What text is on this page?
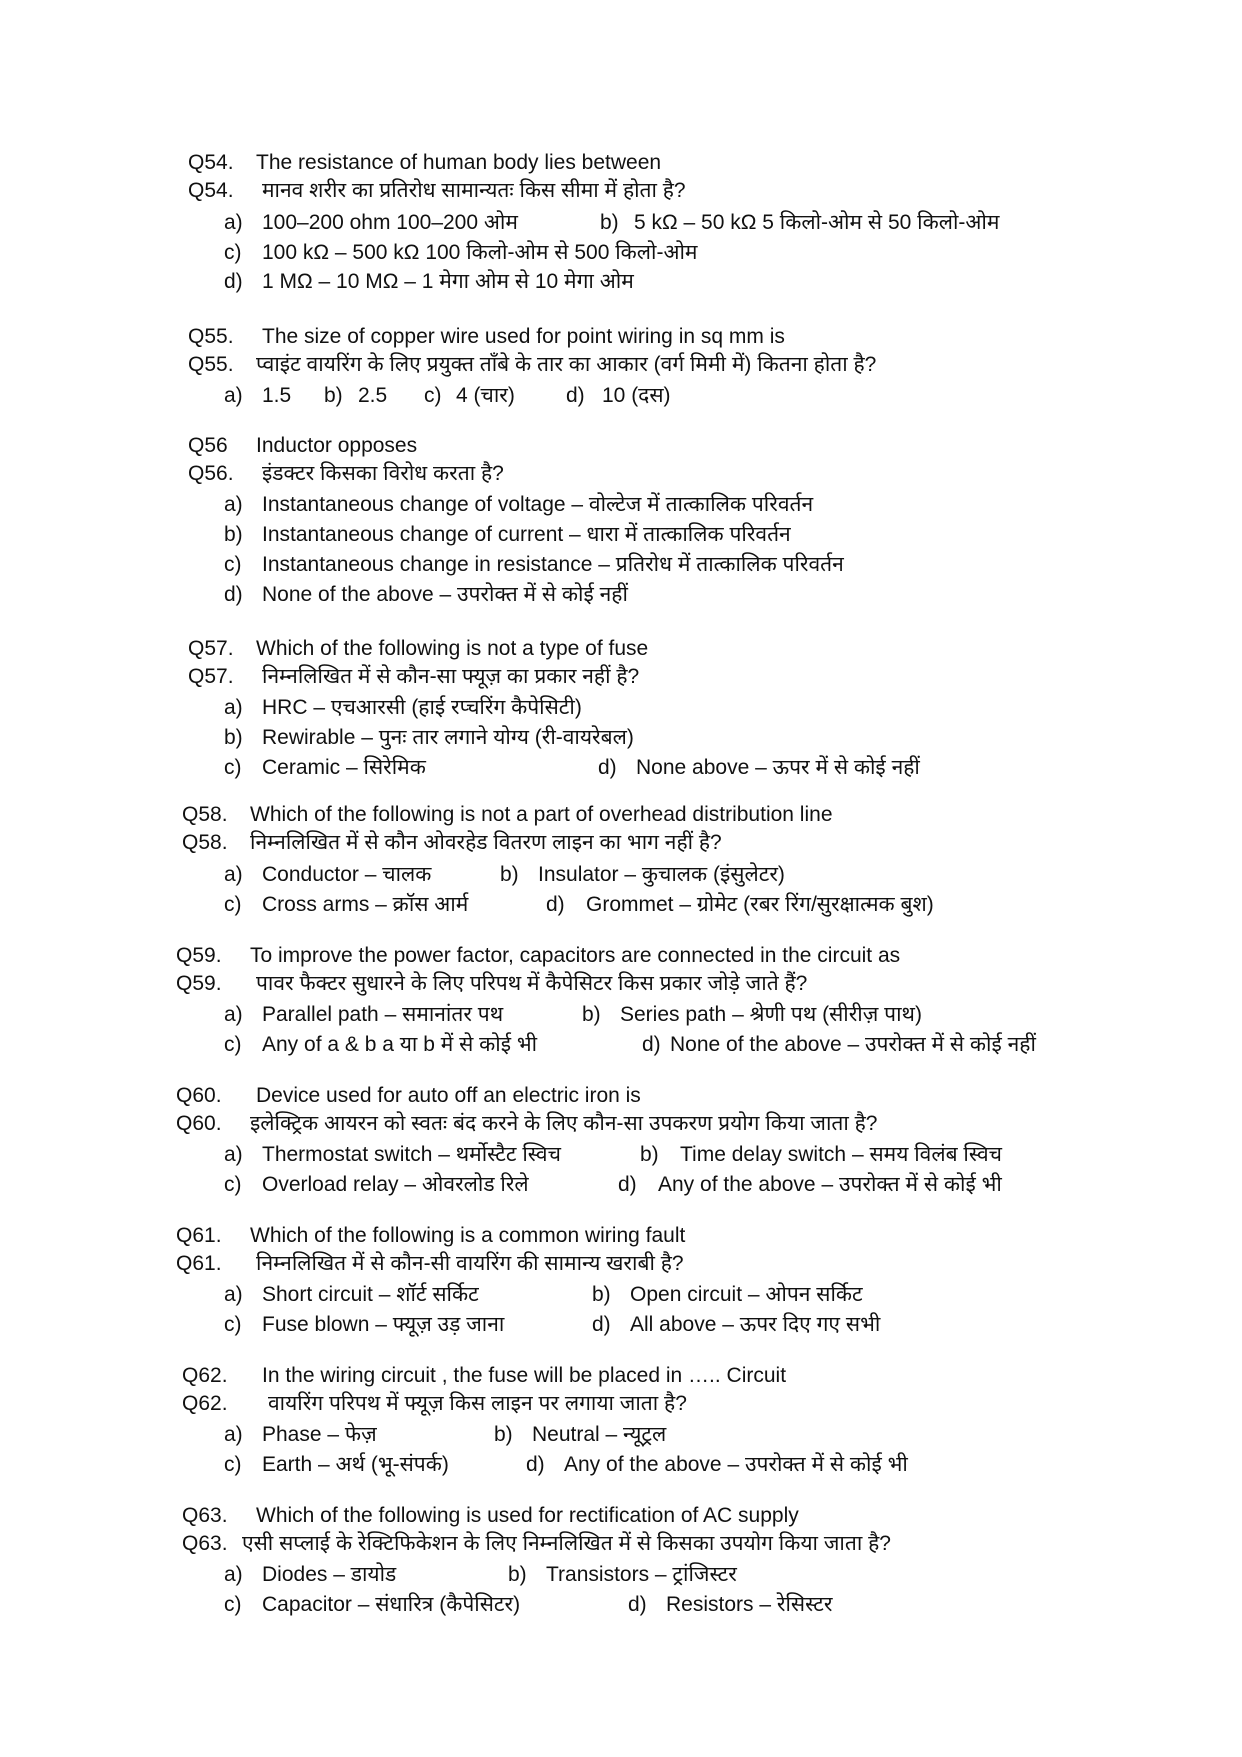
Q54. The resistance of human body lies between
Q54. मानव शरीर का प्रतिरोध सामान्यतः किस सीमा में होता है?
a) 100–200 ohm 100–200 ओम	b) 5 kΩ – 50 kΩ 5 किलो-ओम से 50 किलो-ओम
c) 100 kΩ – 500 kΩ 100 किलो-ओम से 500 किलो-ओम
d) 1 MΩ – 10 MΩ – 1 मेगा ओम से 10 मेगा ओम
Q55. The size of copper wire used for point wiring in sq mm is
Q55. प्वाइंट वायरिंग के लिए प्रयुक्त ताँबे के तार का आकार (वर्ग मिमी में) कितना होता है?
a) 1.5 b) 2.5 c) 4 (चार) d) 10 (दस)
Q56 Inductor opposes
Q56. इंडक्टर किसका विरोध करता है?
a) Instantaneous change of voltage – वोल्टेज में तात्कालिक परिवर्तन
b) Instantaneous change of current – धारा में तात्कालिक परिवर्तन
c) Instantaneous change in resistance – प्रतिरोध में तात्कालिक परिवर्तन
d) None of the above – उपरोक्त में से कोई नहीं
Q57. Which of the following is not a type of fuse
Q57. निम्नलिखित में से कौन-सा फ्यूज़ का प्रकार नहीं है?
a) HRC – एचआरसी (हाई रप्चरिंग कैपेसिटी)
b) Rewirable – पुनः तार लगाने योग्य (री-वायरेबल)
c) Ceramic – सिरेमिक	d) None above – ऊपर में से कोई नहीं
Q58. Which of the following is not a part of overhead distribution line
Q58. निम्नलिखित में से कौन ओवरहेड वितरण लाइन का भाग नहीं है?
a) Conductor – चालक	b) Insulator – कुचालक (इंसुलेटर)
c) Cross arms – क्रॉस आर्म	d) Grommet – ग्रोमेट (रबर रिंग/सुरक्षात्मक बुश)
Q59. To improve the power factor, capacitors are connected in the circuit as
Q59. पावर फैक्टर सुधारने के लिए परिपथ में कैपेसिटर किस प्रकार जोड़े जाते हैं?
a) Parallel path – समानांतर पथ	b) Series path – श्रेणी पथ (सीरीज़ पाथ)
c) Any of a & b a या b में से कोई भी	d) None of the above – उपरोक्त में से कोई नहीं
Q60. Device used for auto off an electric iron is
Q60. इलेक्ट्रिक आयरन को स्वतः बंद करने के लिए कौन-सा उपकरण प्रयोग किया जाता है?
a) Thermostat switch – थर्मोस्टैट स्विच	b) Time delay switch – समय विलंब स्विच
c) Overload relay – ओवरलोड रिले	d) Any of the above – उपरोक्त में से कोई भी
Q61. Which of the following is a common wiring fault
Q61. निम्नलिखित में से कौन-सी वायरिंग की सामान्य खराबी है?
a) Short circuit – शॉर्ट सर्किट	b) Open circuit – ओपन सर्किट
c) Fuse blown – फ्यूज़ उड़ जाना	d) All above – ऊपर दिए गए सभी
Q62. In the wiring circuit , the fuse will be placed in ….. Circuit
Q62. वायरिंग परिपथ में फ्यूज़ किस लाइन पर लगाया जाता है?
a) Phase – फेज़	b) Neutral – न्यूट्रल
c) Earth – अर्थ (भू-संपर्क)	d) Any of the above – उपरोक्त में से कोई भी
Q63. Which of the following is used for rectification of AC supply
Q63. एसी सप्लाई के रेक्टिफिकेशन के लिए निम्नलिखित में से किसका उपयोग किया जाता है?
a) Diodes – डायोड	b) Transistors – ट्रांजिस्टर
c) Capacitor – संधारित्र (कैपेसिटर)	d) Resistors – रेसिस्टर
